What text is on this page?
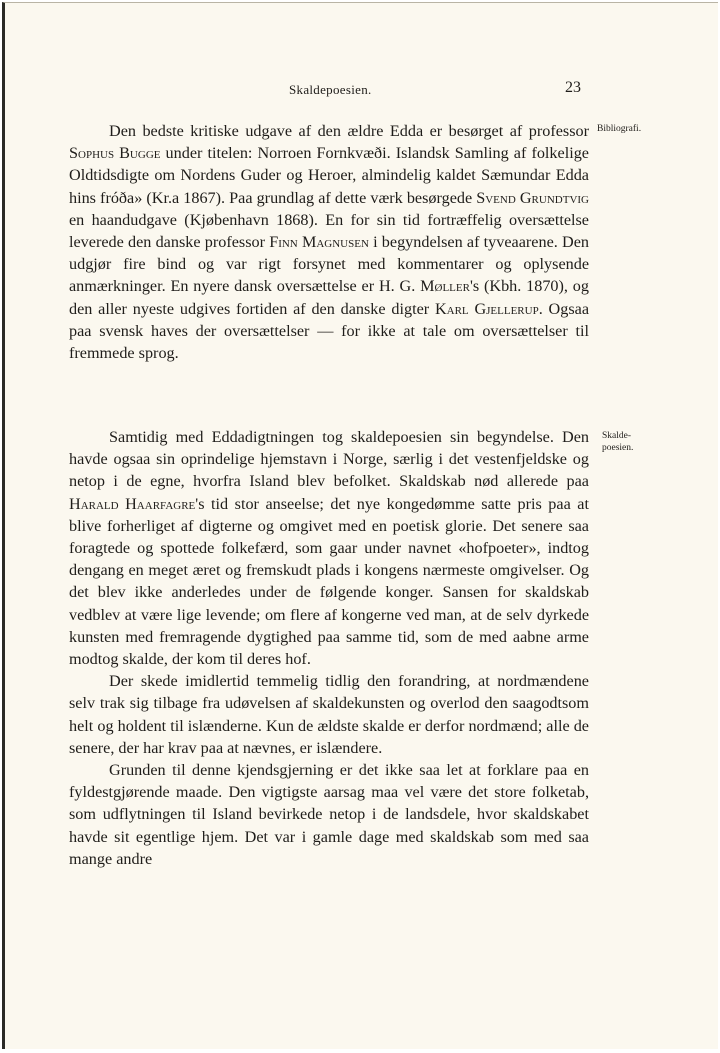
Skaldepoesien.	23
Bibliografi.
Skalde-
poesien.

Den bedste kritiske udgave af den ældre Edda er besørget af professor Sophus Bugge under titelen: Norroen Fornkvæði. Islandsk Samling af folkelige Oldtidsdigte om Nordens Guder og Heroer, almindelig kaldet Sæmundar Edda hins fróða» (Kr.a 1867). Paa grundlag af dette værk besørgede Svend Grundtvig en haandudgave (Kjøbenhavn 1868). En for sin tid fortræffelig oversættelse leverede den danske professor Finn Magnusen i begyndelsen af tyveaarene. Den udgjør fire bind og var rigt forsynet med kommentarer og oplysende anmærkninger. En nyere dansk oversættelse er H. G. Møller's (Kbh. 1870), og den aller nyeste udgives fortiden af den danske digter Karl Gjellerup. Ogsaa paa svensk haves der oversættelser — for ikke at tale om oversættelser til fremmede sprog.

Samtidig med Eddadigtningen tog skaldepoesien sin begyndelse. Den havde ogsaa sin oprindelige hjemstavn i Norge, særlig i det vestenfjeldske og netop i de egne, hvorfra Island blev befolket. Skaldskab nød allerede paa Harald Haarfagre's tid stor anseelse; det nye kongedømme satte pris paa at blive forherliget af digterne og omgivet med en poetisk glorie. Det senere saa foragtede og spottede folkefærd, som gaar under navnet «hofpoeter», indtog dengang en meget æret og fremskudt plads i kongens nærmeste omgivelser. Og det blev ikke anderledes under de følgende konger. Sansen for skaldskab vedblev at være lige levende; om flere af kongerne ved man, at de selv dyrkede kunsten med fremragende dygtighed paa samme tid, som de med aabne arme modtog skalde, der kom til deres hof.

Der skede imidlertid temmelig tidlig den forandring, at nordmændene selv trak sig tilbage fra udøvelsen af skaldekunsten og overlod den saagodtsom helt og holdent til islænderne. Kun de ældste skalde er derfor nordmænd; alle de senere, der har krav paa at nævnes, er islændere.

Grunden til denne kjendsgjerning er det ikke saa let at forklare paa en fyldestgjørende maade. Den vigtigste aarsag maa vel være det store folketab, som udflytningen til Island bevirkede netop i de landsdele, hvor skaldskabet havde sit egentlige hjem. Det var i gamle dage med skaldskab som med saa mange andre
